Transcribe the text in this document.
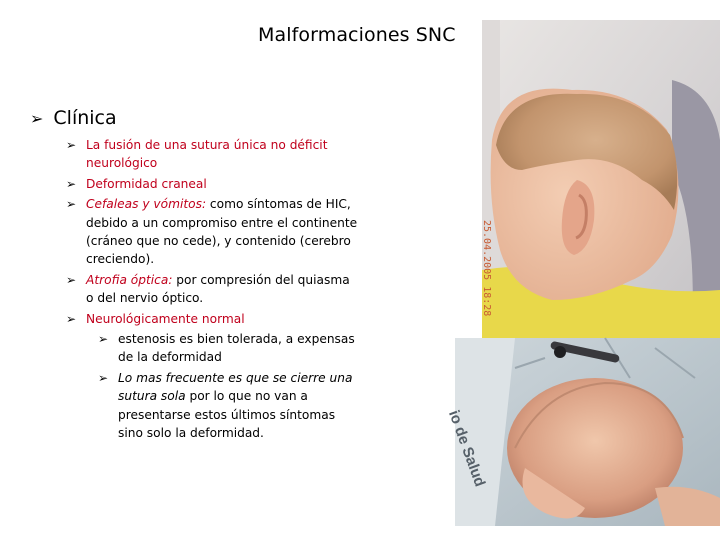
Malformaciones SNC
➢ Clínica
➢ La fusión de una sutura única no déficit neurológico
➢ Deformidad craneal
➢ Cefaleas y vómitos: como síntomas de HIC, debido a un compromiso entre el continente (cráneo que no cede), y contenido (cerebro creciendo).
➢ Atrofia óptica: por compresión del quiasma o del nervio óptico.
➢ Neurológicamente normal
➢ estenosis es bien tolerada, a expensas de la deformidad
➢ Lo mas frecuente es que se cierre una sutura sola por lo que no van a presentarse estos últimos síntomas sino solo la deformidad.
25.04.2005 18:28
io de Salud
